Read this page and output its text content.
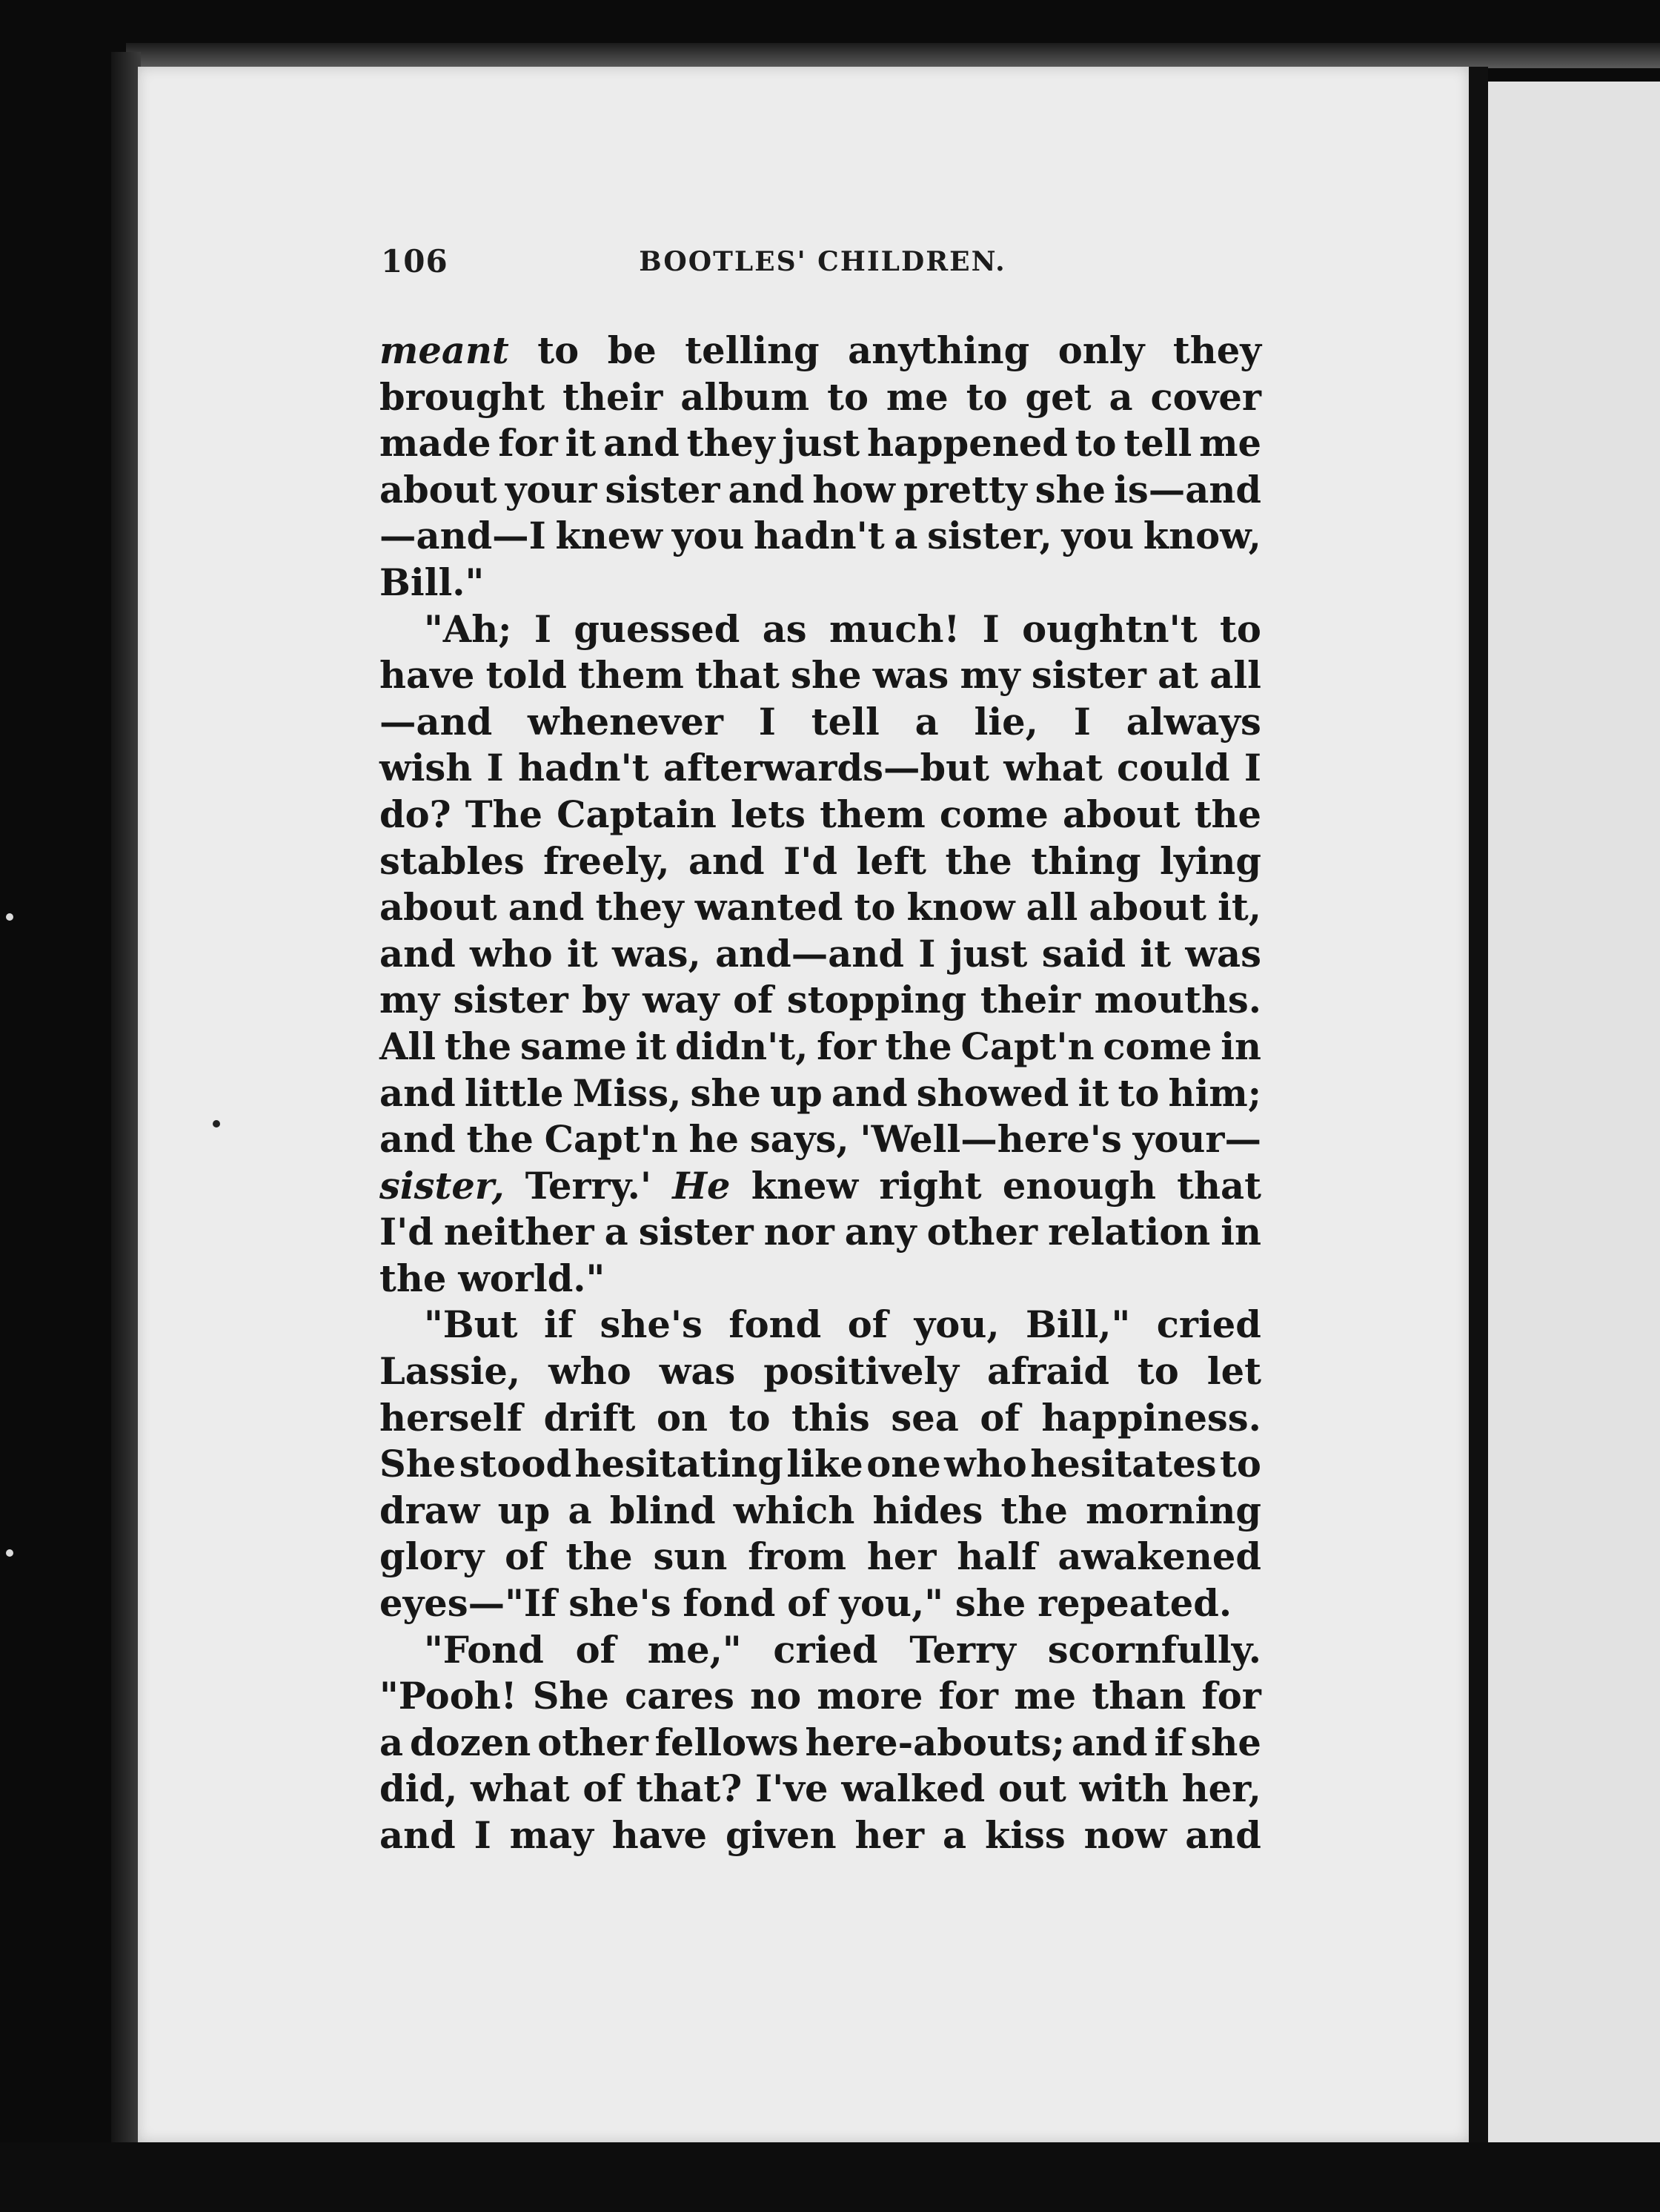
106	BOOTLES' CHILDREN.
meant to be telling anything only they
brought their album to me to get a cover
made for it and they just happened to tell me
about your sister and how pretty she is—and
—and—I knew you hadn't a sister, you know,
Bill."
"Ah; I guessed as much! I oughtn't to
have told them that she was my sister at all
—and whenever I tell a lie, I always
wish I hadn't afterwards—but what could I
do? The Captain lets them come about the
stables freely, and I'd left the thing lying
about and they wanted to know all about it,
and who it was, and—and I just said it was
my sister by way of stopping their mouths.
All the same it didn't, for the Capt'n come in
and little Miss, she up and showed it to him;
and the Capt'n he says, 'Well—here's your—
sister, Terry.' He knew right enough that
I'd neither a sister nor any other relation in
the world."
"But if she's fond of you, Bill," cried
Lassie, who was positively afraid to let
herself drift on to this sea of happiness.
She stood hesitating like one who hesitates to
draw up a blind which hides the morning
glory of the sun from her half awakened
eyes—"If she's fond of you," she repeated.
"Fond of me," cried Terry scornfully.
"Pooh! She cares no more for me than for
a dozen other fellows here-abouts; and if she
did, what of that? I've walked out with her,
and I may have given her a kiss now and
